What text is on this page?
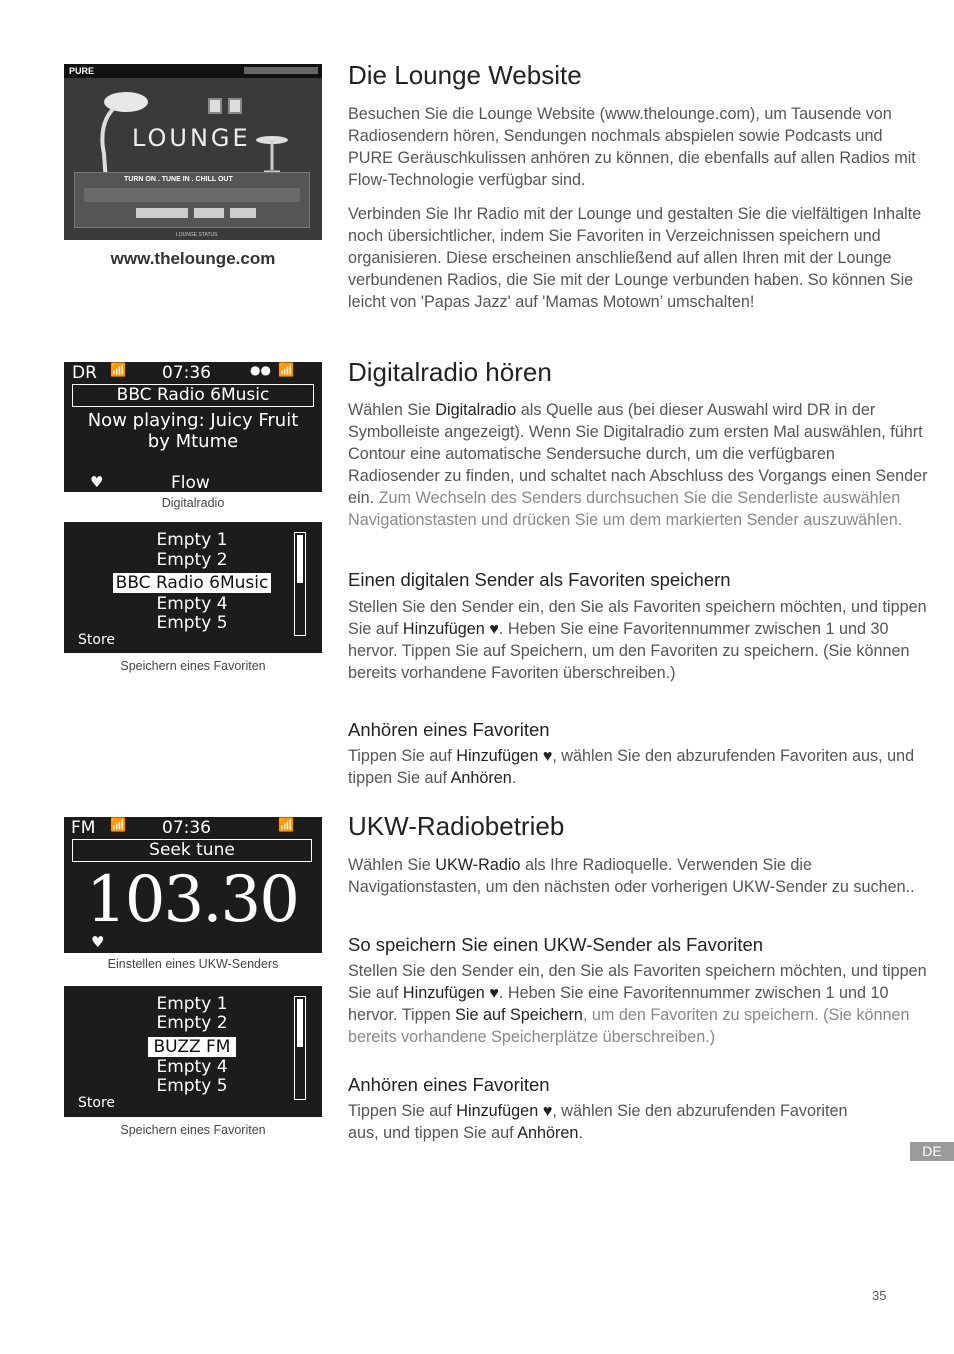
PURE
LOUNGE
TURN ON . TUNE IN . CHILL OUT
LOUNGE STATUS
www.thelounge.com
Die Lounge Website

Besuchen Sie die Lounge Website (www.thelounge.com), um Tausende von Radiosendern hören, Sendungen nochmals abspielen sowie Podcasts und PURE Geräuschkulissen anhören zu können, die ebenfalls auf allen Radios mit Flow-Technologie verfügbar sind.

Verbinden Sie Ihr Radio mit der Lounge und gestalten Sie die vielfältigen Inhalte noch übersichtlicher, indem Sie Favoriten in Verzeichnissen speichern und organisieren. Diese erscheinen anschließend auf allen Ihren mit der Lounge verbundenen Radios, die Sie mit der Lounge verbunden haben. So können Sie leicht von 'Papas Jazz' auf 'Mamas Motown’ umschalten!

DR 📶 07:36	●● 📶
BBC Radio 6Music
Now playing: Juicy Fruit
by Mtume
♥	Flow
Digitalradio
Empty 1
Empty 2
BBC Radio 6Music
Empty 4
Empty 5
Store
Speichern eines Favoriten
Digitalradio hören

Wählen Sie Digitalradio als Quelle aus (bei dieser Auswahl wird DR in der Symbolleiste angezeigt). Wenn Sie Digitalradio zum ersten Mal auswählen, führt Contour eine automatische Sendersuche durch, um die verfügbaren Radiosender zu finden, und schaltet nach Abschluss des Vorgangs einen Sender ein. Zum Wechseln des Senders durchsuchen Sie die Senderliste auswählen Navigationstasten und drücken Sie um dem markierten Sender auszuwählen.

Einen digitalen Sender als Favoriten speichern

Stellen Sie den Sender ein, den Sie als Favoriten speichern möchten, und tippen Sie auf Hinzufügen ♥. Heben Sie eine Favoritennummer zwischen 1 und 30 hervor. Tippen Sie auf Speichern, um den Favoriten zu speichern. (Sie können bereits vorhandene Favoriten überschreiben.)

Anhören eines Favoriten

Tippen Sie auf Hinzufügen ♥, wählen Sie den abzurufenden Favoriten aus, und tippen Sie auf Anhören.

FM 📶 07:36	📶
Seek tune
103.30
♥
Einstellen eines UKW-Senders
Empty 1
Empty 2
BUZZ FM
Empty 4
Empty 5
Store
Speichern eines Favoriten
UKW-Radiobetrieb

Wählen Sie UKW-Radio als Ihre Radioquelle. Verwenden Sie die Navigationstasten, um den nächsten oder vorherigen UKW-Sender zu suchen..

So speichern Sie einen UKW-Sender als Favoriten

Stellen Sie den Sender ein, den Sie als Favoriten speichern möchten, und tippen Sie auf Hinzufügen ♥. Heben Sie eine Favoritennummer zwischen 1 und 10 hervor. Tippen Sie auf Speichern, um den Favoriten zu speichern. (Sie können bereits vorhandene Speicherplätze überschreiben.)

Anhören eines Favoriten

Tippen Sie auf Hinzufügen ♥, wählen Sie den abzurufenden Favoriten aus, und tippen Sie auf Anhören.

DE
35
